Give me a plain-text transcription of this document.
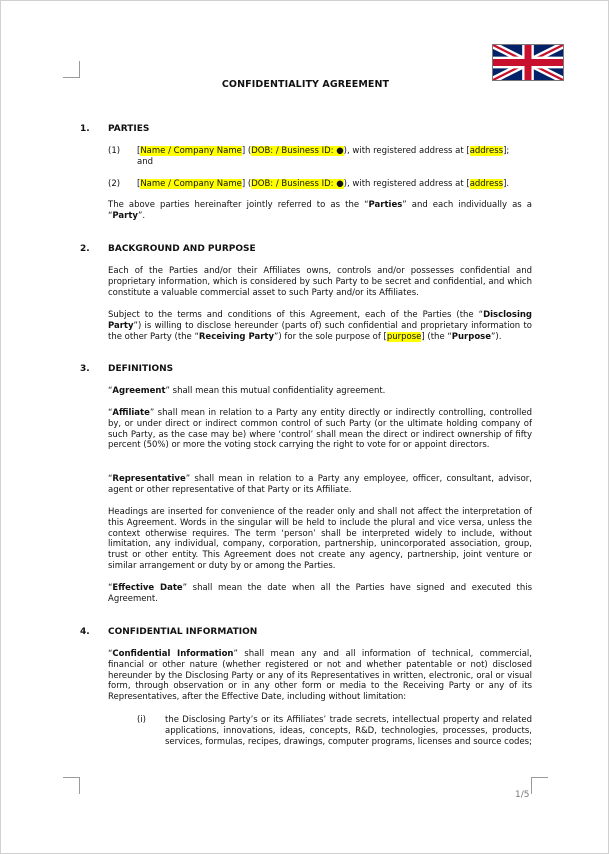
CONFIDENTIALITY AGREEMENT
1. PARTIES
(1) [Name / Company Name] (DOB: / Business ID: ●), with registered address at [address];
and
(2) [Name / Company Name] (DOB: / Business ID: ●), with registered address at [address].
The above parties hereinafter jointly referred to as the “Parties” and each individually as a “Party”.
2. BACKGROUND AND PURPOSE
Each of the Parties and/or their Affiliates owns, controls and/or possesses confidential and proprietary information, which is considered by such Party to be secret and confidential, and which constitute a valuable commercial asset to such Party and/or its Affiliates.
Subject to the terms and conditions of this Agreement, each of the Parties (the “Disclosing Party”) is willing to disclose hereunder (parts of) such confidential and proprietary information to the other Party (the “Receiving Party”) for the sole purpose of [purpose] (the “Purpose”).
3. DEFINITIONS
“Agreement” shall mean this mutual confidentiality agreement.
“Affiliate” shall mean in relation to a Party any entity directly or indirectly controlling, controlled by, or under direct or indirect common control of such Party (or the ultimate holding company of such Party, as the case may be) where ‘control’ shall mean the direct or indirect ownership of fifty percent (50%) or more the voting stock carrying the right to vote for or appoint directors.
“Representative” shall mean in relation to a Party any employee, officer, consultant, advisor, agent or other representative of that Party or its Affiliate.
Headings are inserted for convenience of the reader only and shall not affect the interpretation of this Agreement. Words in the singular will be held to include the plural and vice versa, unless the context otherwise requires. The term ‘person’ shall be interpreted widely to include, without limitation, any individual, company, corporation, partnership, unincorporated association, group, trust or other entity. This Agreement does not create any agency, partnership, joint venture or similar arrangement or duty by or among the Parties.
“Effective Date” shall mean the date when all the Parties have signed and executed this Agreement.
4. CONFIDENTIAL INFORMATION
“Confidential Information” shall mean any and all information of technical, commercial, financial or other nature (whether registered or not and whether patentable or not) disclosed hereunder by the Disclosing Party or any of its Representatives in written, electronic, oral or visual form, through observation or in any other form or media to the Receiving Party or any of its Representatives, after the Effective Date, including without limitation:
(i) the Disclosing Party’s or its Affiliates’ trade secrets, intellectual property and related applications, innovations, ideas, concepts, R&D, technologies, processes, products, services, formulas, recipes, drawings, computer programs, licenses and source codes;
1/5
